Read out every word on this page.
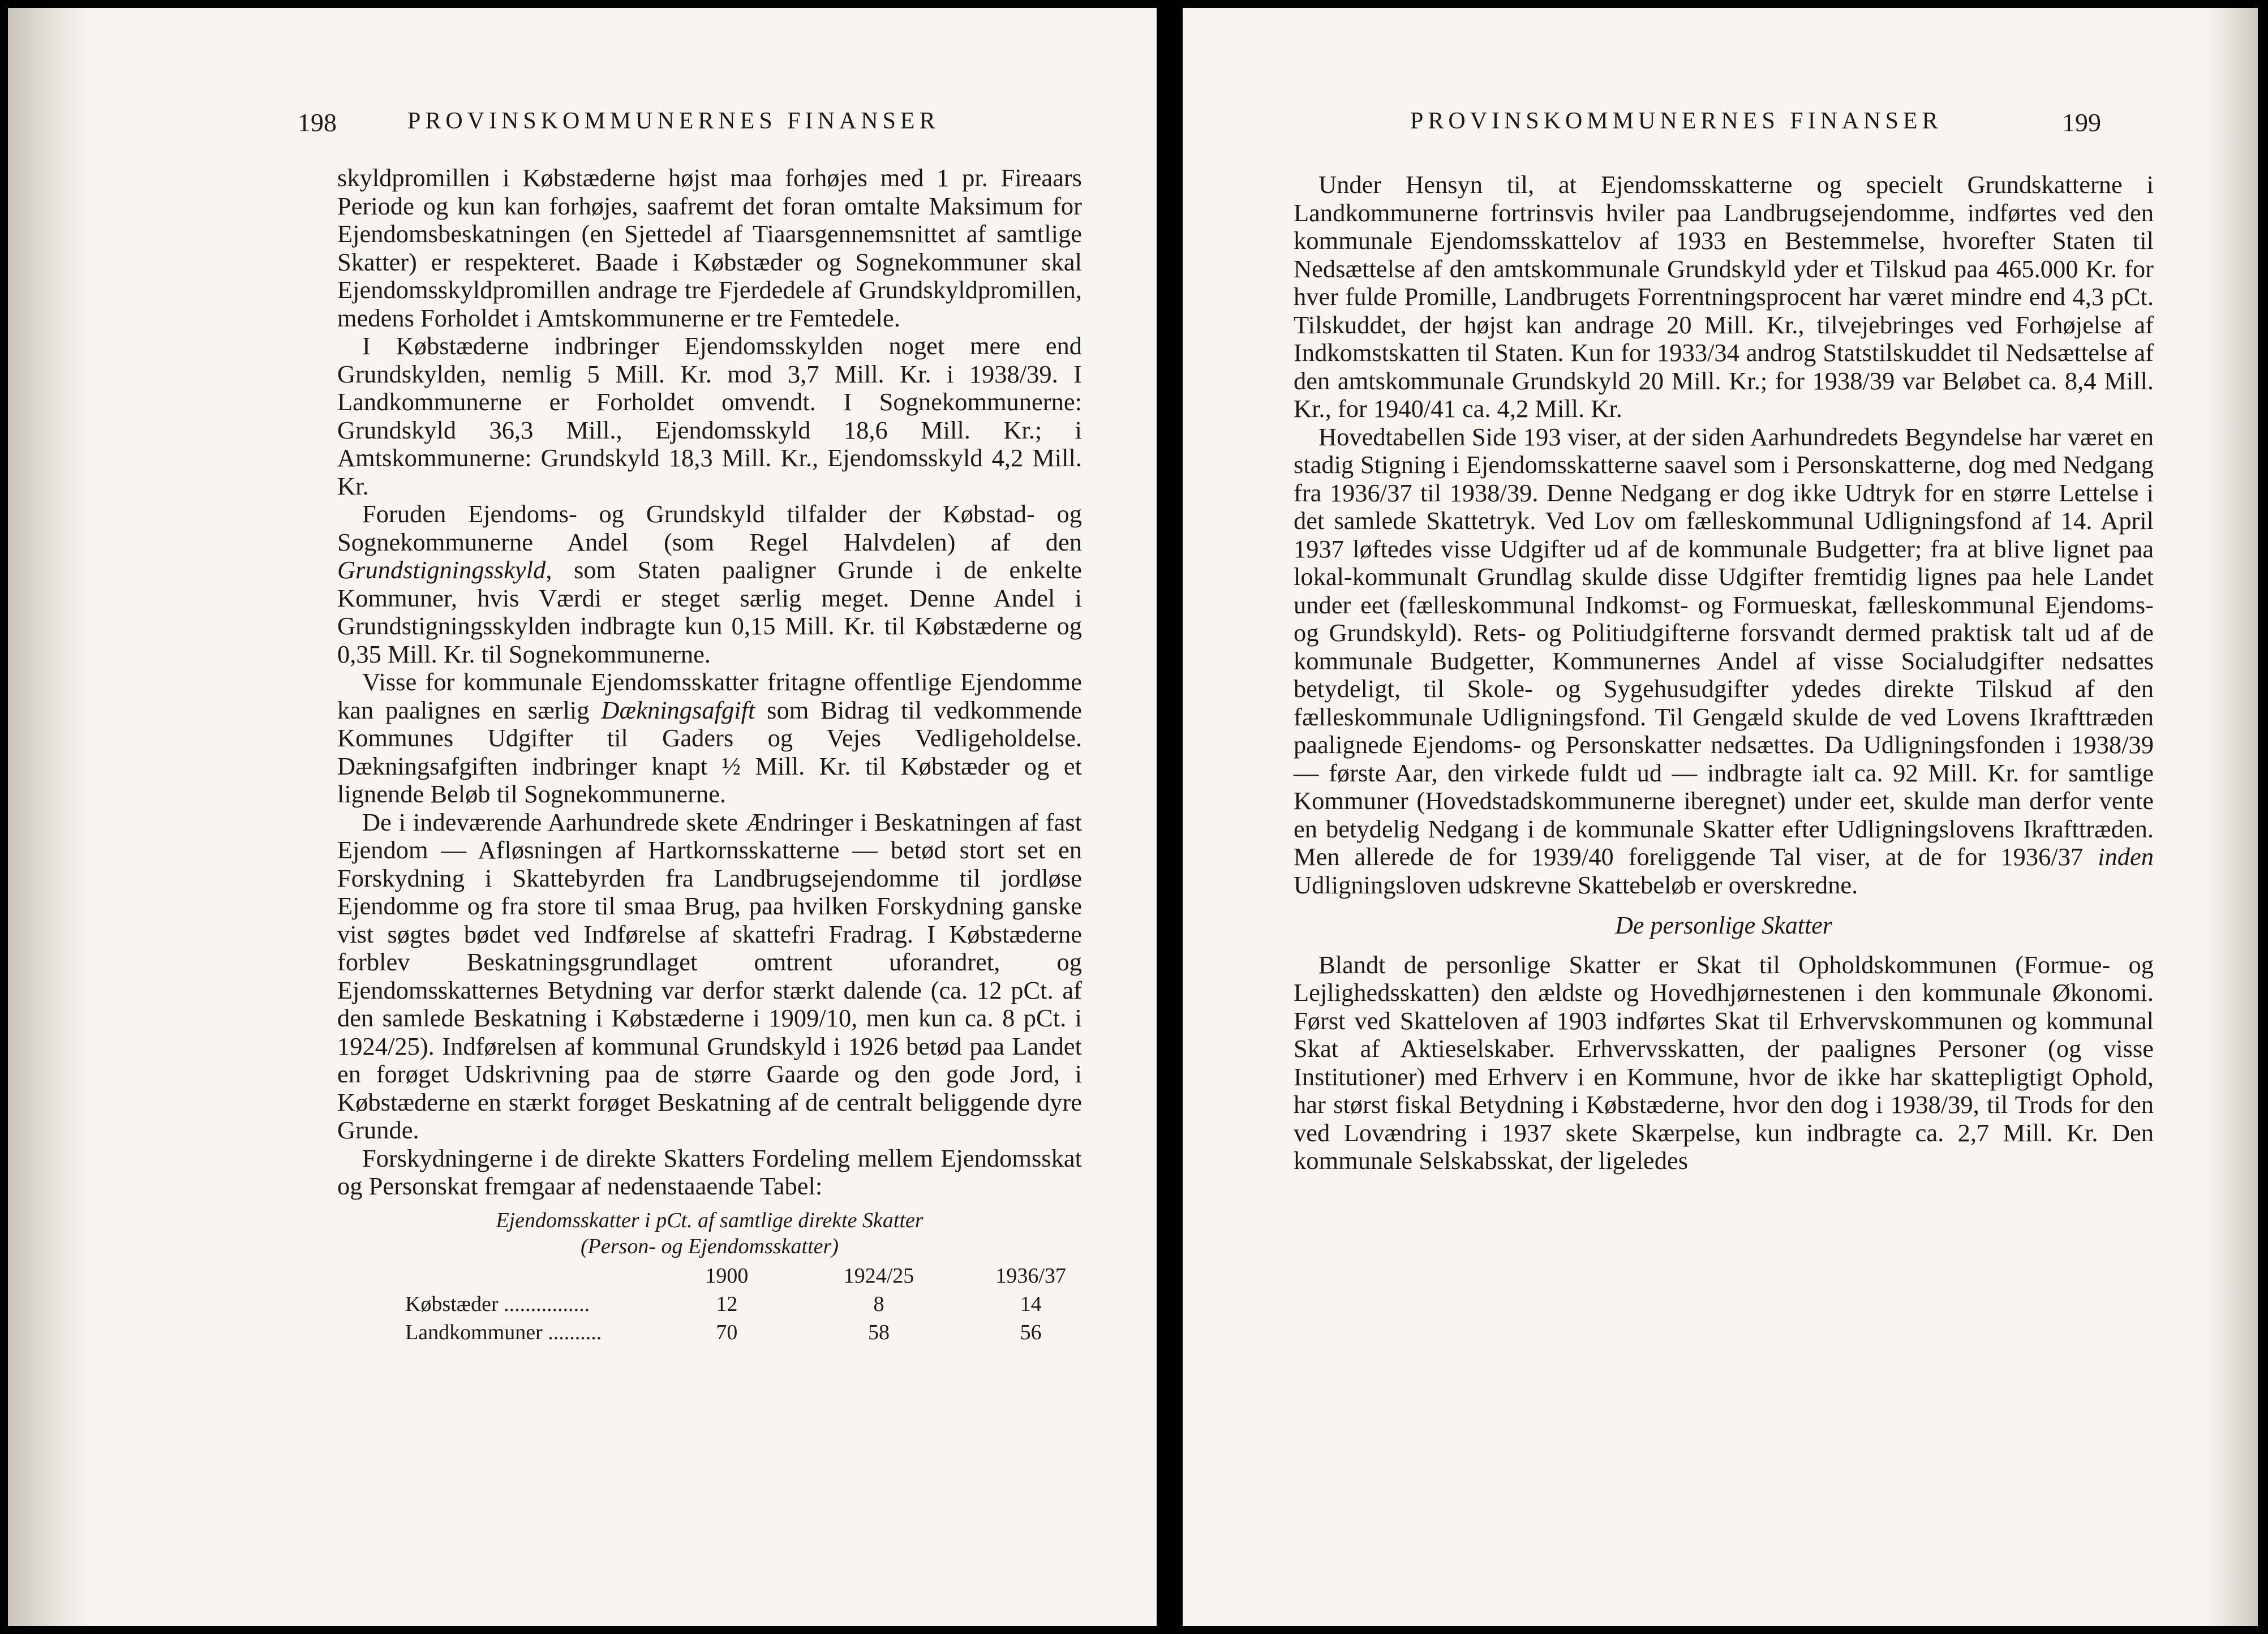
198	PROVINSKOMMUNERNES FINANSER

skyldpromillen i Købstæderne højst maa forhøjes med 1 pr. Fireaars Periode og kun kan forhøjes, saafremt det foran omtalte Maksimum for Ejendomsbeskatningen (en Sjettedel af Tiaarsgennemsnittet af samtlige Skatter) er respekteret. Baade i Købstæder og Sognekommuner skal Ejendomsskyldpromillen andrage tre Fjerdedele af Grundskyldpromillen, medens Forholdet i Amtskommunerne er tre Femtedele.

I Købstæderne indbringer Ejendomsskylden noget mere end Grundskylden, nemlig 5 Mill. Kr. mod 3,7 Mill. Kr. i 1938/39. I Landkommunerne er Forholdet omvendt. I Sognekommunerne: Grundskyld 36,3 Mill., Ejendomsskyld 18,6 Mill. Kr.; i Amtskommunerne: Grundskyld 18,3 Mill. Kr., Ejendomsskyld 4,2 Mill. Kr.

Foruden Ejendoms- og Grundskyld tilfalder der Købstad- og Sognekommunerne Andel (som Regel Halvdelen) af den Grundstigningsskyld, som Staten paaligner Grunde i de enkelte Kommuner, hvis Værdi er steget særlig meget. Denne Andel i Grundstigningsskylden indbragte kun 0,15 Mill. Kr. til Købstæderne og 0,35 Mill. Kr. til Sognekommunerne.

Visse for kommunale Ejendomsskatter fritagne offentlige Ejendomme kan paalignes en særlig Dækningsafgift som Bidrag til vedkommende Kommunes Udgifter til Gaders og Vejes Vedligeholdelse. Dækningsafgiften indbringer knapt ½ Mill. Kr. til Købstæder og et lignende Beløb til Sognekommunerne.

De i indeværende Aarhundrede skete Ændringer i Beskatningen af fast Ejendom — Afløsningen af Hartkornsskatterne — betød stort set en Forskydning i Skattebyrden fra Landbrugsejendomme til jordløse Ejendomme og fra store til smaa Brug, paa hvilken Forskydning ganske vist søgtes bødet ved Indførelse af skattefri Fradrag. I Købstæderne forblev Beskatningsgrundlaget omtrent uforandret, og Ejendomsskatternes Betydning var derfor stærkt dalende (ca. 12 pCt. af den samlede Beskatning i Købstæderne i 1909/10, men kun ca. 8 pCt. i 1924/25). Indførelsen af kommunal Grundskyld i 1926 betød paa Landet en forøget Udskrivning paa de større Gaarde og den gode Jord, i Købstæderne en stærkt forøget Beskatning af de centralt beliggende dyre Grunde.

Forskydningerne i de direkte Skatters Fordeling mellem Ejendomsskat og Personskat fremgaar af nedenstaaende Tabel:

Ejendomsskatter i pCt. af samtlige direkte Skatter
(Person- og Ejendomsskatter)
	1900	1924/25	1936/37
Købstæder ................	12	8	14
Landkommuner ..........	70	58	56
PROVINSKOMMUNERNES FINANSER	199

Under Hensyn til, at Ejendomsskatterne og specielt Grundskatterne i Landkommunerne fortrinsvis hviler paa Landbrugsejendomme, indførtes ved den kommunale Ejendomsskattelov af 1933 en Bestemmelse, hvorefter Staten til Nedsættelse af den amtskommunale Grundskyld yder et Tilskud paa 465.000 Kr. for hver fulde Promille, Landbrugets Forrentningsprocent har været mindre end 4,3 pCt. Tilskuddet, der højst kan andrage 20 Mill. Kr., tilvejebringes ved Forhøjelse af Indkomstskatten til Staten. Kun for 1933/34 androg Statstilskuddet til Nedsættelse af den amtskommunale Grundskyld 20 Mill. Kr.; for 1938/39 var Beløbet ca. 8,4 Mill. Kr., for 1940/41 ca. 4,2 Mill. Kr.

Hovedtabellen Side 193 viser, at der siden Aarhundredets Begyndelse har været en stadig Stigning i Ejendomsskatterne saavel som i Personskatterne, dog med Nedgang fra 1936/37 til 1938/39. Denne Nedgang er dog ikke Udtryk for en større Lettelse i det samlede Skattetryk. Ved Lov om fælleskommunal Udligningsfond af 14. April 1937 løftedes visse Udgifter ud af de kommunale Budgetter; fra at blive lignet paa lokal-kommunalt Grundlag skulde disse Udgifter fremtidig lignes paa hele Landet under eet (fælleskommunal Indkomst- og Formueskat, fælleskommunal Ejendoms- og Grundskyld). Rets- og Politiudgifterne forsvandt dermed praktisk talt ud af de kommunale Budgetter, Kommunernes Andel af visse Socialudgifter nedsattes betydeligt, til Skole- og Sygehusudgifter ydedes direkte Tilskud af den fælleskommunale Udligningsfond. Til Gengæld skulde de ved Lovens Ikrafttræden paalignede Ejendoms- og Personskatter nedsættes. Da Udligningsfonden i 1938/39 — første Aar, den virkede fuldt ud — indbragte ialt ca. 92 Mill. Kr. for samtlige Kommuner (Hovedstadskommunerne iberegnet) under eet, skulde man derfor vente en betydelig Nedgang i de kommunale Skatter efter Udligningslovens Ikrafttræden. Men allerede de for 1939/40 foreliggende Tal viser, at de for 1936/37 inden Udligningsloven udskrevne Skattebeløb er overskredne.

De personlige Skatter

Blandt de personlige Skatter er Skat til Opholdskommunen (Formue- og Lejlighedsskatten) den ældste og Hovedhjørnestenen i den kommunale Økonomi. Først ved Skatteloven af 1903 indførtes Skat til Erhvervskommunen og kommunal Skat af Aktieselskaber. Erhvervsskatten, der paalignes Personer (og visse Institutioner) med Erhverv i en Kommune, hvor de ikke har skattepligtigt Ophold, har størst fiskal Betydning i Købstæderne, hvor den dog i 1938/39, til Trods for den ved Lovændring i 1937 skete Skærpelse, kun indbragte ca. 2,7 Mill. Kr. Den kommunale Selskabsskat, der ligeledes
